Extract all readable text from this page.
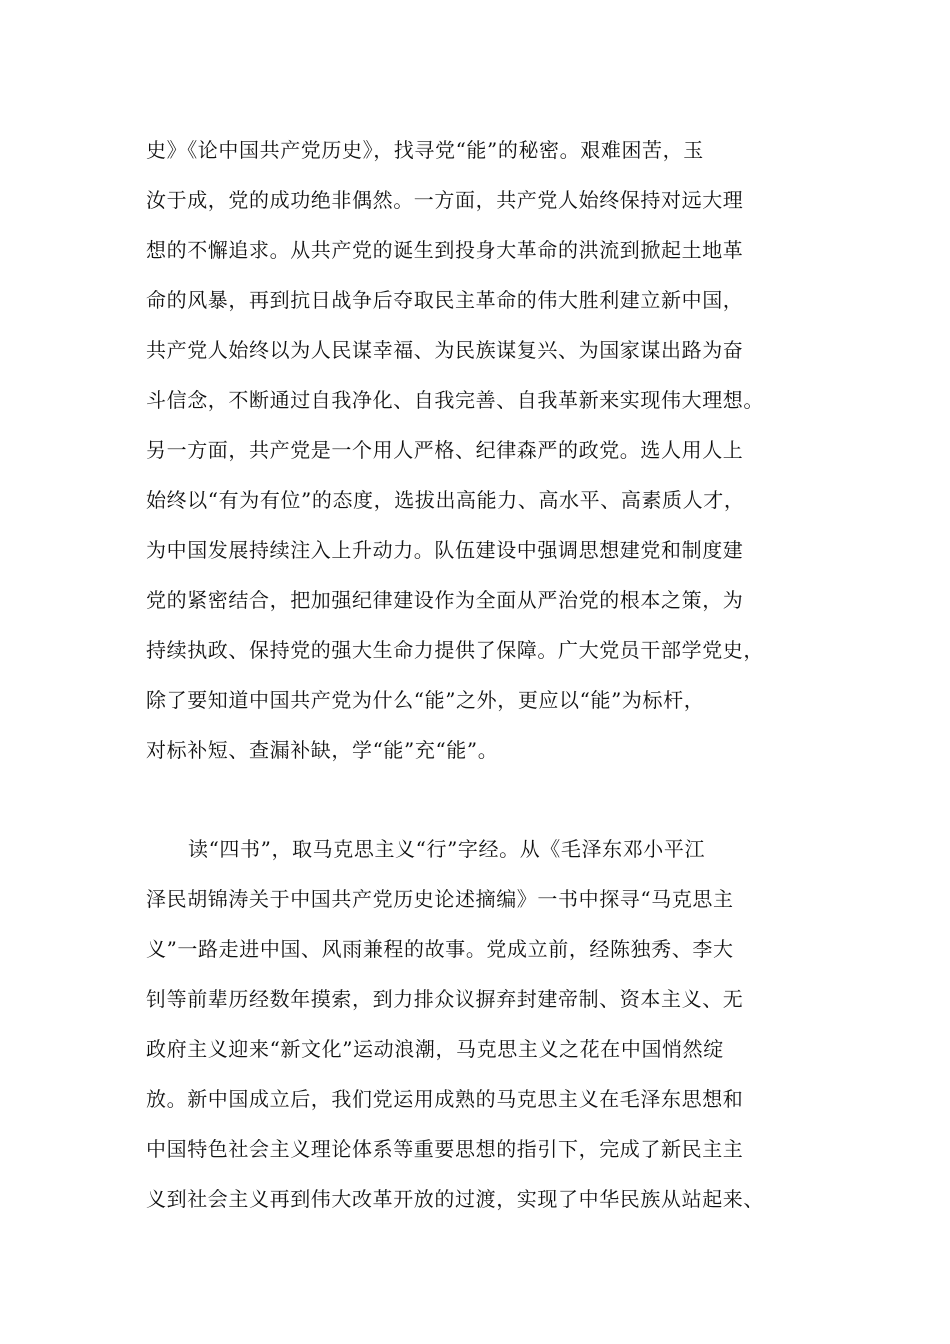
史》《论中国共产党历史》，找寻党“能”的秘密。艰难困苦，玉
汝于成，党的成功绝非偶然。一方面，共产党人始终保持对远大理
想的不懈追求。从共产党的诞生到投身大革命的洪流到掀起土地革
命的风暴，再到抗日战争后夺取民主革命的伟大胜利建立新中国，
共产党人始终以为人民谋幸福、为民族谋复兴、为国家谋出路为奋
斗信念，不断通过自我净化、自我完善、自我革新来实现伟大理想。
另一方面，共产党是一个用人严格、纪律森严的政党。选人用人上
始终以“有为有位”的态度，选拔出高能力、高水平、高素质人才，
为中国发展持续注入上升动力。队伍建设中强调思想建党和制度建
党的紧密结合，把加强纪律建设作为全面从严治党的根本之策，为
持续执政、保持党的强大生命力提供了保障。广大党员干部学党史，
除了要知道中国共产党为什么“能”之外，更应以“能”为标杆，
对标补短、查漏补缺，学“能”充“能”。
读“四书”，取马克思主义“行”字经。从《毛泽东邓小平江
泽民胡锦涛关于中国共产党历史论述摘编》一书中探寻“马克思主
义”一路走进中国、风雨兼程的故事。党成立前，经陈独秀、李大
钊等前辈历经数年摸索，到力排众议摒弃封建帝制、资本主义、无
政府主义迎来“新文化”运动浪潮，马克思主义之花在中国悄然绽
放。新中国成立后，我们党运用成熟的马克思主义在毛泽东思想和
中国特色社会主义理论体系等重要思想的指引下，完成了新民主主
义到社会主义再到伟大改革开放的过渡，实现了中华民族从站起来、
